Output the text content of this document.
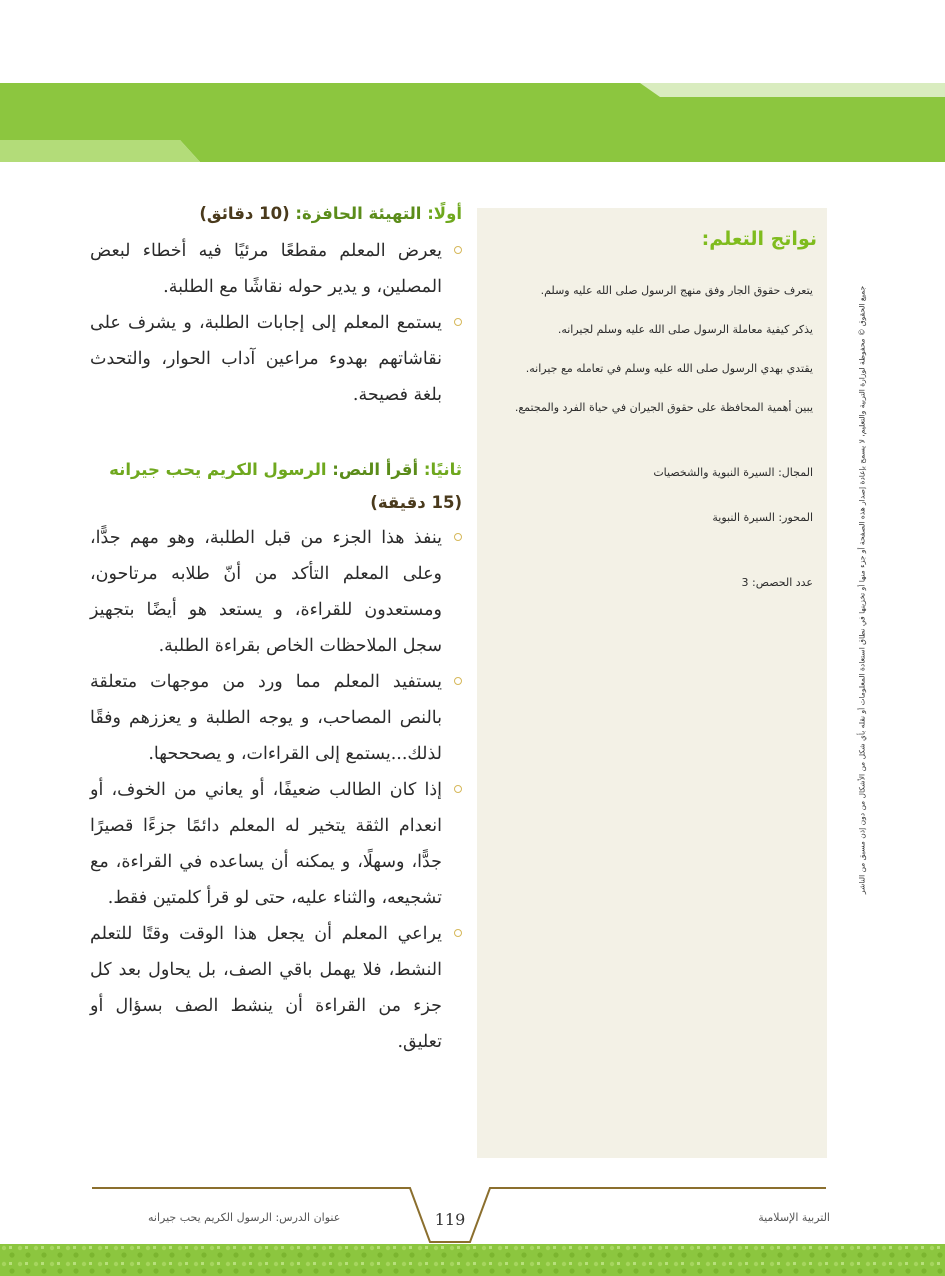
نواتج التعلم:
يتعرف حقوق الجار وفق منهج الرسول صلى الله عليه وسلم.
يذكر كيفية معاملة الرسول صلى الله عليه وسلم لجيرانه.
يقتدي بهدي الرسول صلى الله عليه وسلم في تعامله مع جيرانه.
يبين أهمية المحافظة على حقوق الجيران في حياة الفرد والمجتمع.

المجال: السيرة النبوية والشخصيات

المحور: السيرة النبوية

عدد الحصص: 3

أولًا: التهيئة الحافزة: (10 دقائق)
يعرض المعلم مقطعًا مرئيًا فيه أخطاء لبعض المصلين، و يدير حوله نقاشًا مع الطلبة.
يستمع المعلم إلى إجابات الطلبة، و يشرف على نقاشاتهم بهدوء مراعين آداب الحوار، والتحدث بلغة فصيحة.
ثانيًا: أقرأ النص: الرسول الكريم يحب جيرانه
(15 دقيقة)
ينفذ هذا الجزء من قبل الطلبة، وهو مهم جدًّا، وعلى المعلم التأكد من أنّ طلابه مرتاحون، ومستعدون للقراءة، و يستعد هو أيضًا بتجهيز سجل الملاحظات الخاص بقراءة الطلبة.
يستفيد المعلم مما ورد من موجهات متعلقة بالنص المصاحب، و يوجه الطلبة و يعززهم وفقًا لذلك...يستمع إلى القراءات، و يصحححها.
إذا كان الطالب ضعيفًا، أو يعاني من الخوف، أو انعدام الثقة يتخير له المعلم دائمًا جزءًا قصيرًا جدًّا، وسهلًا، و يمكنه أن يساعده في القراءة، مع تشجيعه، والثناء عليه، حتى لو قرأ كلمتين فقط.
يراعي المعلم أن يجعل هذا الوقت وقتًا للتعلم النشط، فلا يهمل باقي الصف، بل يحاول بعد كل جزء من القراءة أن ينشط الصف بسؤال أو تعليق.
جميع الحقوق © محفوظة لوزارة التربية والتعليم، لا يسمح بإعادة إصدار هذه الصفحة أو جزء منها أو تخزينها في نطاق استعادة المعلومات أو نقله بأي شكل من الأشكال من دون إذن مسبق من الناشر

التربية الإسلامية

119

عنوان الدرس: الرسول الكريم يحب جيرانه
